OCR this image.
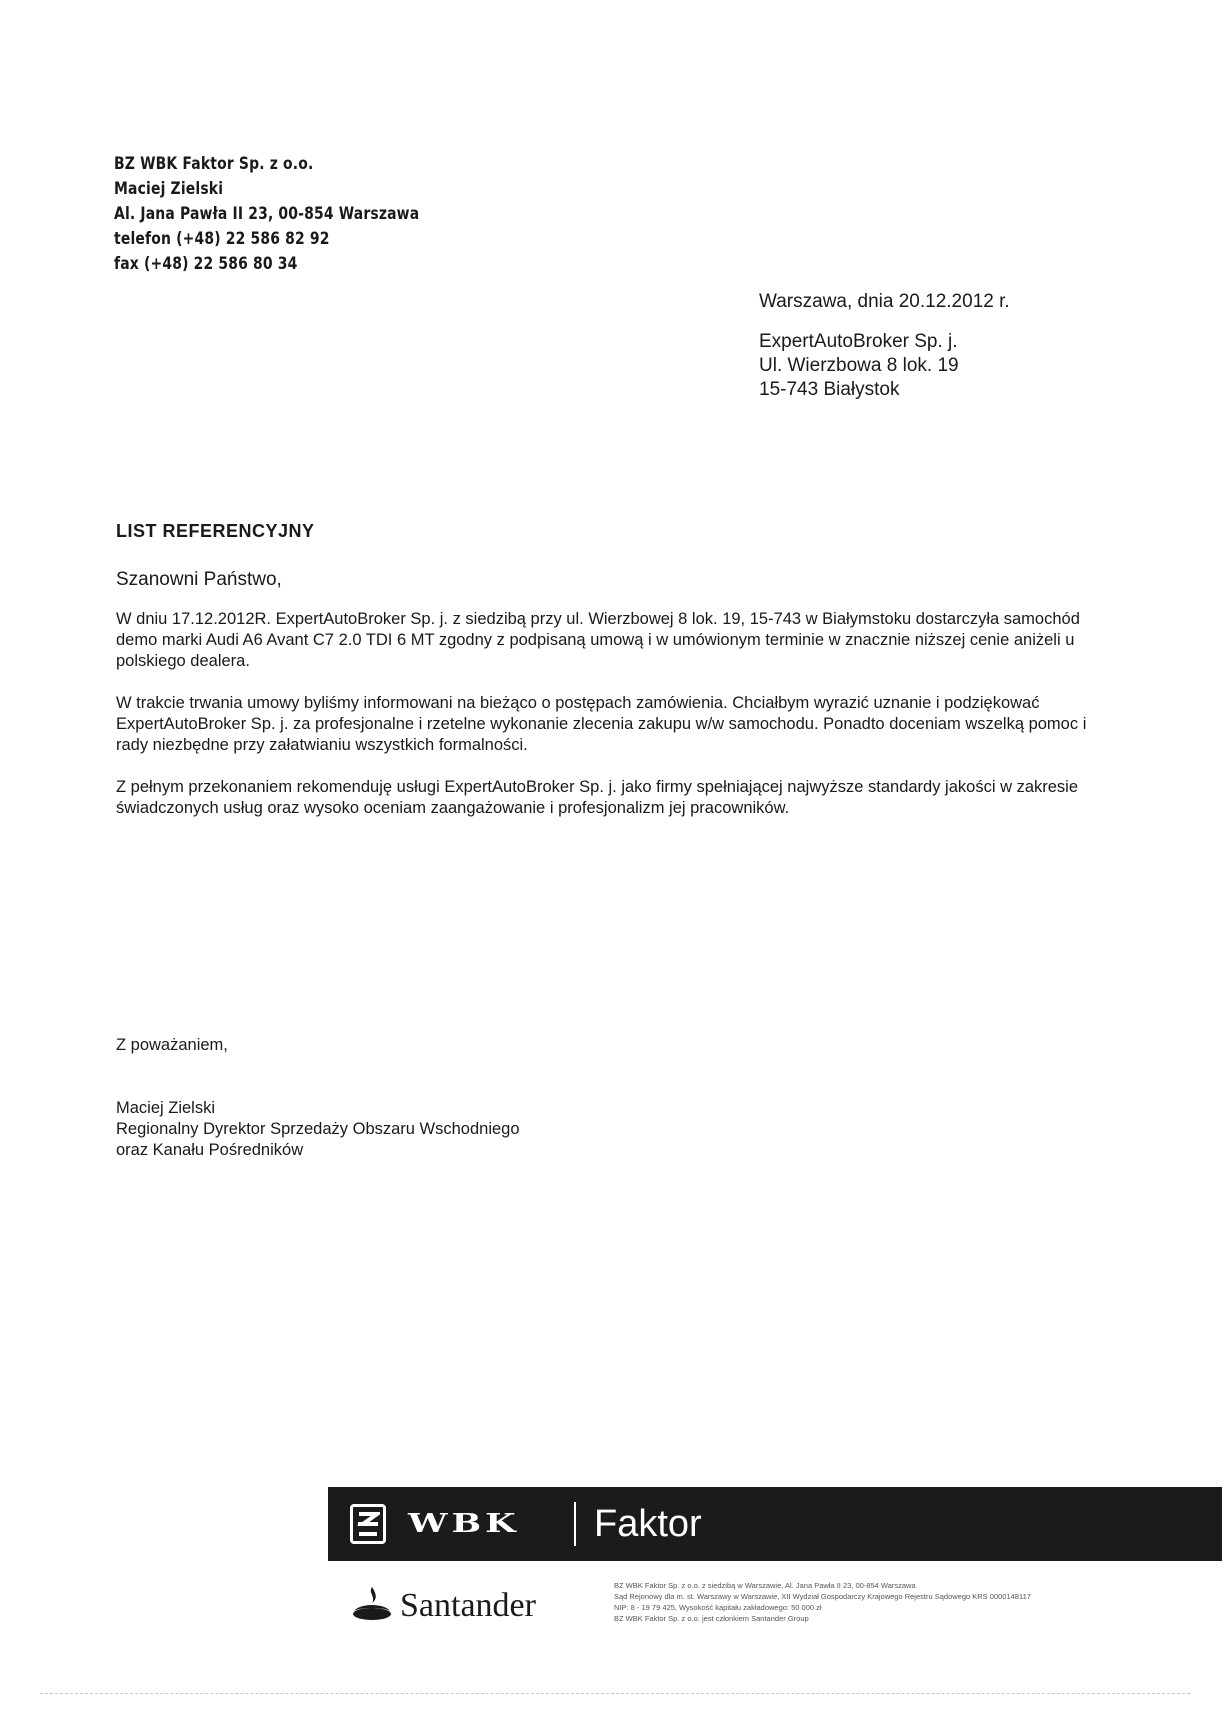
BZ WBK Faktor Sp. z o.o.
Maciej Zielski
Al. Jana Pawła II 23, 00-854 Warszawa
telefon (+48) 22 586 82 92
fax (+48) 22 586 80 34
Warszawa, dnia 20.12.2012 r.
ExpertAutoBroker Sp. j.
Ul. Wierzbowa 8 lok. 19
15-743 Białystok
LIST REFERENCYJNY
Szanowni Państwo,

W dniu 17.12.2012R. ExpertAutoBroker Sp. j. z siedzibą przy ul. Wierzbowej 8 lok. 19, 15-743 w Białymstoku dostarczyła samochód demo marki Audi A6 Avant C7 2.0 TDI 6 MT zgodny z podpisaną umową i w umówionym terminie w znacznie niższej cenie aniżeli u polskiego dealera.

W trakcie trwania umowy byliśmy informowani na bieżąco o postępach zamówienia. Chciałbym wyrazić uznanie i podziękować ExpertAutoBroker Sp. j. za profesjonalne i rzetelne wykonanie zlecenia zakupu w/w samochodu. Ponadto doceniam wszelką pomoc i rady niezbędne przy załatwianiu wszystkich formalności.

Z pełnym przekonaniem rekomenduję usługi ExpertAutoBroker Sp. j. jako firmy spełniającej najwyższe standardy jakości w zakresie świadczonych usług oraz wysoko oceniam zaangażowanie i profesjonalizm jej pracowników.

Z poważaniem,
Maciej Zielski
Regionalny Dyrektor Sprzedaży Obszaru Wschodniego
oraz Kanału Pośredników
WBK	Faktor
Santander
BZ WBK Faktor Sp. z o.o. z siedzibą w Warszawie, Al. Jana Pawła II 23, 00-854 Warszawa
Sąd Rejonowy dla m. st. Warszawy w Warszawie, XII Wydział Gospodarczy Krajowego Rejestru Sądowego KRS 0000148117
NIP: 8 - 19 79 425, Wysokość kapitału zakładowego: 50 000 zł
BZ WBK Faktor Sp. z o.o. jest członkiem Santander Group
